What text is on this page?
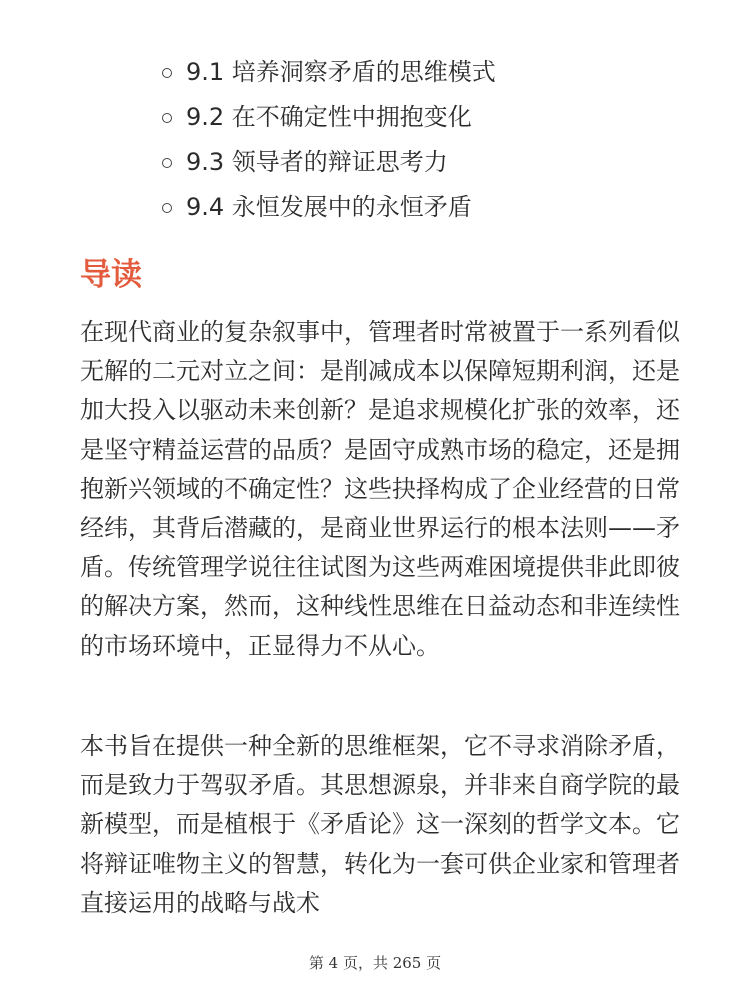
9.1 培养洞察矛盾的思维模式
9.2 在不确定性中拥抱变化
9.3 领导者的辩证思考力
9.4 永恒发展中的永恒矛盾
导读

在现代商业的复杂叙事中，管理者时常被置于一系列看似无解的二元对立之间：是削减成本以保障短期利润，还是加大投入以驱动未来创新？是追求规模化扩张的效率，还是坚守精益运营的品质？是固守成熟市场的稳定，还是拥抱新兴领域的不确定性？这些抉择构成了企业经营的日常经纬，其背后潜藏的，是商业世界运行的根本法则——矛盾。传统管理学说往往试图为这些两难困境提供非此即彼的解决方案，然而，这种线性思维在日益动态和非连续性的市场环境中，正显得力不从心。

本书旨在提供一种全新的思维框架，它不寻求消除矛盾，而是致力于驾驭矛盾。其思想源泉，并非来自商学院的最新模型，而是植根于《矛盾论》这一深刻的哲学文本。它将辩证唯物主义的智慧，转化为一套可供企业家和管理者直接运用的战略与战术

第 4 页，共 265 页
